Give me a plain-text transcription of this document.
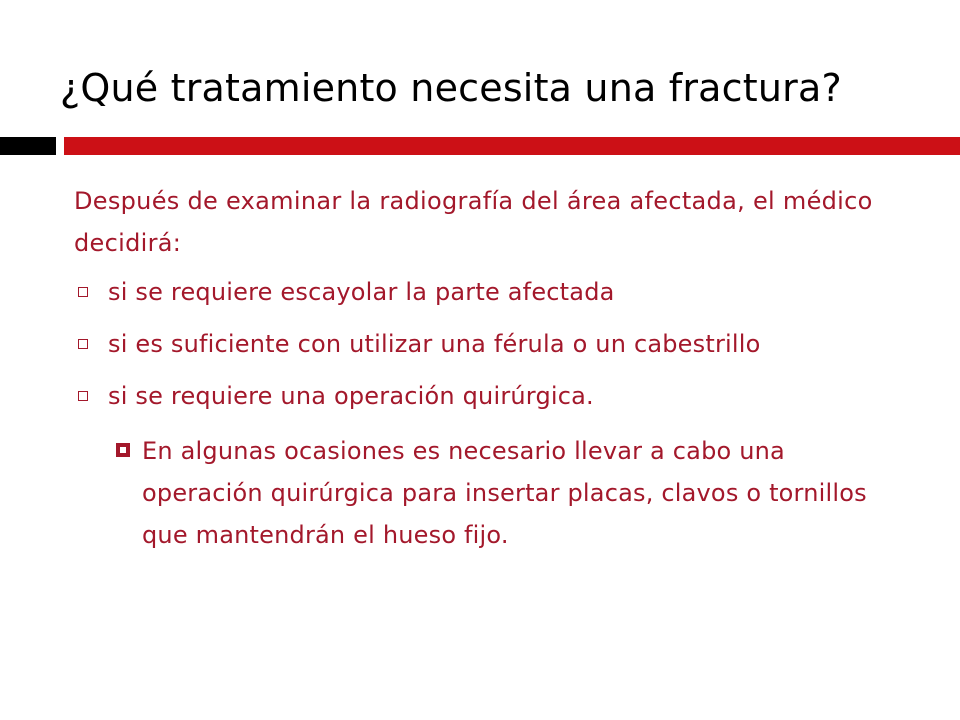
¿Qué tratamiento necesita una fractura?

Después de examinar la radiografía del área afectada, el médico decidirá:

si se requiere escayolar la parte afectada
si es suficiente con utilizar una férula o un cabestrillo
si se requiere una operación quirúrgica.
En algunas ocasiones es necesario llevar a cabo una operación quirúrgica para insertar placas, clavos o tornillos que mantendrán el hueso fijo.
